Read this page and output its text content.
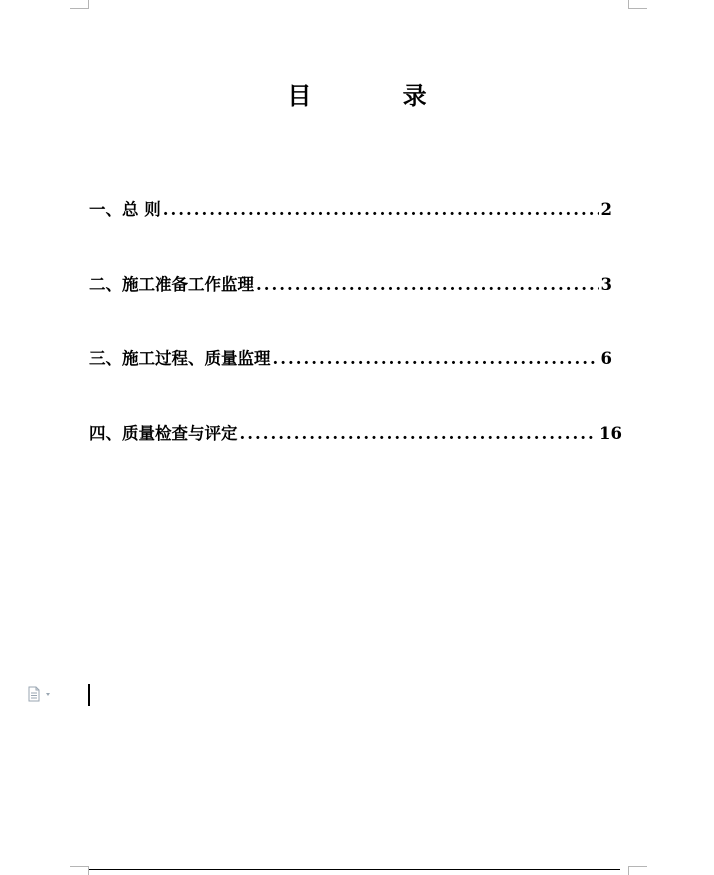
目　录
一、总 则 .....	2
二、施工准备工作监理 .....	3
三、施工过程、质量监理 .....	6
四、质量检查与评定 .....	16
